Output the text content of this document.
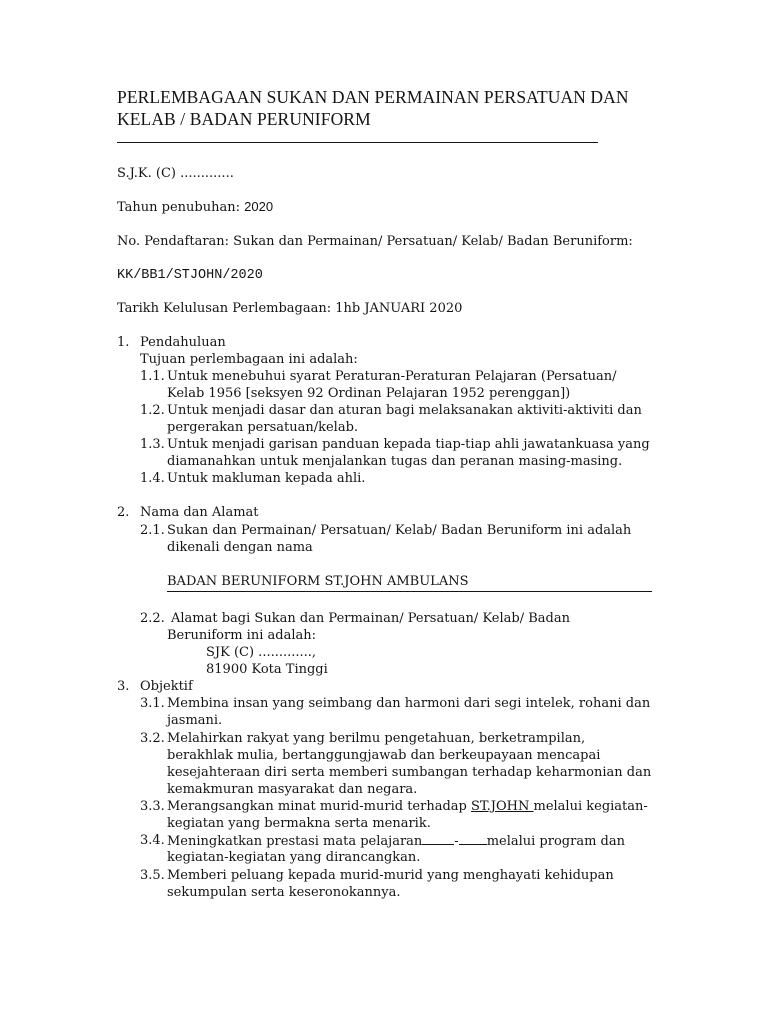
PERLEMBAGAAN SUKAN DAN PERMAINAN PERSATUAN DAN
KELAB / BADAN PERUNIFORM
S.J.K. (C) .............
Tahun penubuhan: 2020
No. Pendaftaran: Sukan dan Permainan/ Persatuan/ Kelab/ Badan Beruniform:
KK/BB1/STJOHN/2020
Tarikh Kelulusan Perlembagaan: 1hb JANUARI 2020
1. Pendahuluan
Tujuan perlembagaan ini adalah:
1.1. Untuk menebuhui syarat Peraturan-Peraturan Pelajaran (Persatuan/
Kelab 1956 [seksyen 92 Ordinan Pelajaran 1952 perenggan])
1.2. Untuk menjadi dasar dan aturan bagi melaksanakan aktiviti-aktiviti dan
pergerakan persatuan/kelab.
1.3. Untuk menjadi garisan panduan kepada tiap-tiap ahli jawatankuasa yang
diamanahkan untuk menjalankan tugas dan peranan masing-masing.
1.4. Untuk makluman kepada ahli.
2. Nama dan Alamat
2.1. Sukan dan Permainan/ Persatuan/ Kelab/ Badan Beruniform ini adalah
dikenali dengan nama
BADAN BERUNIFORM ST.JOHN AMBULANS
2.2. Alamat bagi Sukan dan Permainan/ Persatuan/ Kelab/ Badan
Beruniform ini adalah:
SJK (C) .............,
81900 Kota Tinggi
3. Objektif
3.1. Membina insan yang seimbang dan harmoni dari segi intelek, rohani dan
jasmani.
3.2. Melahirkan rakyat yang berilmu pengetahuan, berketrampilan,
berakhlak mulia, bertanggungjawab dan berkeupayaan mencapai
kesejahteraan diri serta memberi sumbangan terhadap keharmonian dan
kemakmuran masyarakat dan negara.
3.3. Merangsangkan minat murid-murid terhadap ST.JOHN melalui kegiatan-
kegiatan yang bermakna serta menarik.
3.4. Meningkatkan prestasi mata pelajaran - melalui program dan
kegiatan-kegiatan yang dirancangkan.
3.5. Memberi peluang kepada murid-murid yang menghayati kehidupan
sekumpulan serta keseronokannya.
